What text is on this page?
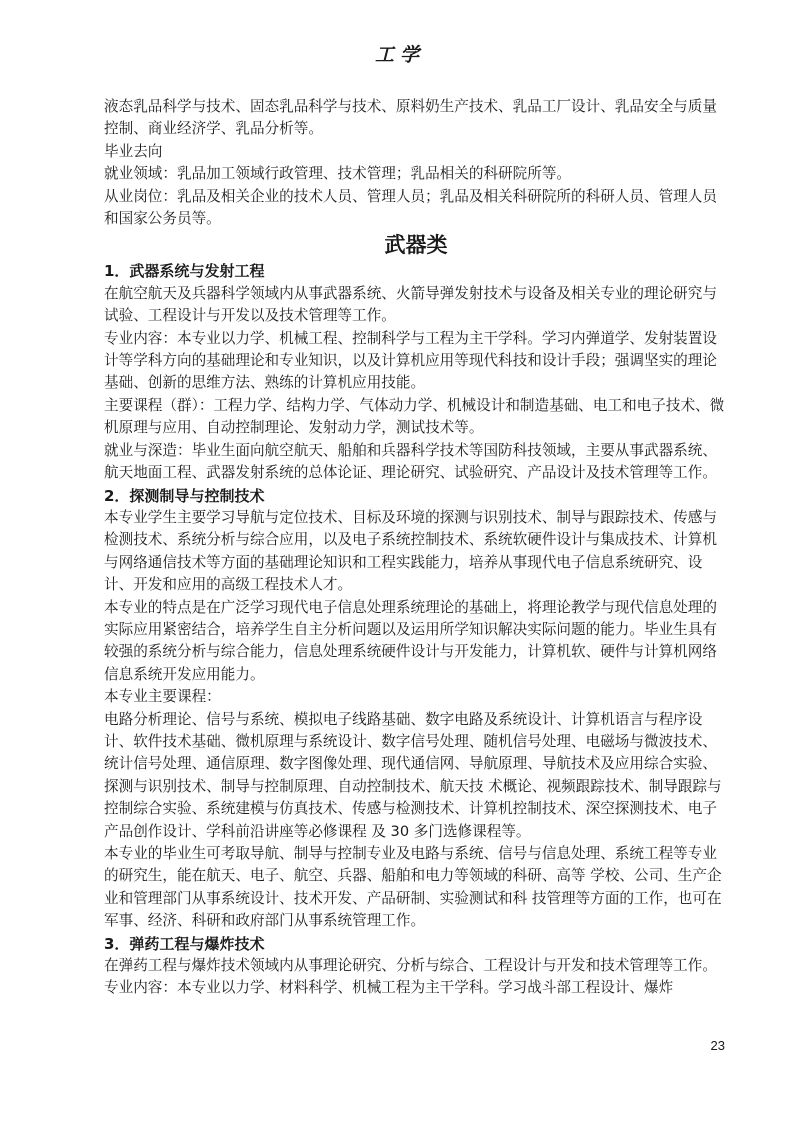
工学

液态乳品科学与技术、固态乳品科学与技术、原料奶生产技术、乳品工厂设计、乳品安全与质量控制、商业经济学、乳品分析等。

毕业去向

就业领域：乳品加工领域行政管理、技术管理；乳品相关的科研院所等。

从业岗位：乳品及相关企业的技术人员、管理人员；乳品及相关科研院所的科研人员、管理人员和国家公务员等。

武器类

1．武器系统与发射工程

在航空航天及兵器科学领域内从事武器系统、火箭导弹发射技术与设备及相关专业的理论研究与试验、工程设计与开发以及技术管理等工作。

专业内容：本专业以力学、机械工程、控制科学与工程为主干学科。学习内弹道学、发射装置设计等学科方向的基础理论和专业知识，以及计算机应用等现代科技和设计手段；强调坚实的理论基础、创新的思维方法、熟练的计算机应用技能。

主要课程（群）：工程力学、结构力学、气体动力学、机械设计和制造基础、电工和电子技术、微机原理与应用、自动控制理论、发射动力学，测试技术等。

就业与深造：毕业生面向航空航天、船舶和兵器科学技术等国防科技领域，主要从事武器系统、航天地面工程、武器发射系统的总体论证、理论研究、试验研究、产品设计及技术管理等工作。

2．探测制导与控制技术

本专业学生主要学习导航与定位技术、目标及环境的探测与识别技术、制导与跟踪技术、传感与检测技术、系统分析与综合应用，以及电子系统控制技术、系统软硬件设计与集成技术、计算机与网络通信技术等方面的基础理论知识和工程实践能力，培养从事现代电子信息系统研究、设计、开发和应用的高级工程技术人才。

本专业的特点是在广泛学习现代电子信息处理系统理论的基础上，将理论教学与现代信息处理的实际应用紧密结合，培养学生自主分析问题以及运用所学知识解决实际问题的能力。毕业生具有较强的系统分析与综合能力，信息处理系统硬件设计与开发能力，计算机软、硬件与计算机网络信息系统开发应用能力。

本专业主要课程：

电路分析理论、信号与系统、模拟电子线路基础、数字电路及系统设计、计算机语言与程序设计、软件技术基础、微机原理与系统设计、数字信号处理、随机信号处理、电磁场与微波技术、统计信号处理、通信原理、数字图像处理、现代通信网、导航原理、导航技术及应用综合实验、探测与识别技术、制导与控制原理、自动控制技术、航天技 术概论、视频跟踪技术、制导跟踪与控制综合实验、系统建模与仿真技术、传感与检测技术、计算机控制技术、深空探测技术、电子产品创作设计、学科前沿讲座等必修课程 及 30 多门选修课程等。

本专业的毕业生可考取导航、制导与控制专业及电路与系统、信号与信息处理、系统工程等专业的研究生，能在航天、电子、航空、兵器、船舶和电力等领域的科研、高等 学校、公司、生产企业和管理部门从事系统设计、技术开发、产品研制、实验测试和科 技管理等方面的工作，也可在军事、经济、科研和政府部门从事系统管理工作。

3．弹药工程与爆炸技术

在弹药工程与爆炸技术领域内从事理论研究、分析与综合、工程设计与开发和技术管理等工作。

专业内容：本专业以力学、材料科学、机械工程为主干学科。学习战斗部工程设计、爆炸

23
